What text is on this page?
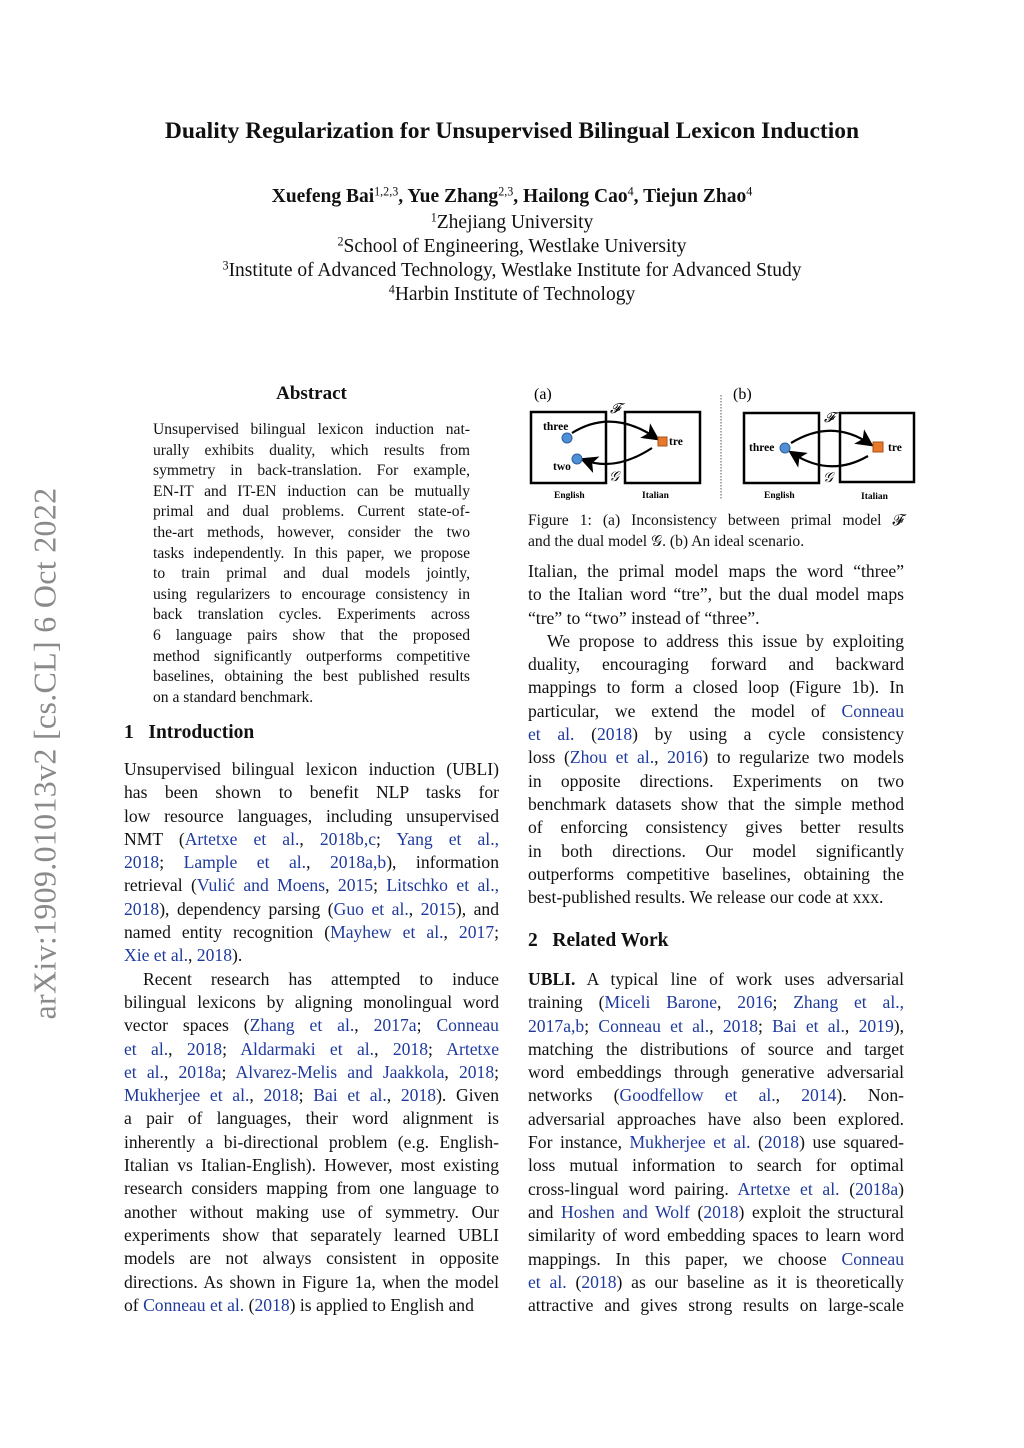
arXiv:1909.01013v2 [cs.CL] 6 Oct 2022
Duality Regularization for Unsupervised Bilingual Lexicon Induction
Xuefeng Bai$^{1,2,3}$, Yue Zhang$^{2,3}$, Hailong Cao$^4$, Tiejun Zhao$^4$
$^1$Zhejiang University
$^2$School of Engineering, Westlake University
$^3$Institute of Advanced Technology, Westlake Institute for Advanced Study
$^4$Harbin Institute of Technology
Abstract
Unsupervised bilingual lexicon induction nat-
urally exhibits duality, which results from
symmetry in back-translation. For example,
EN-IT and IT-EN induction can be mutually
primal and dual problems. Current state-of-
the-art methods, however, consider the two
tasks independently. In this paper, we propose
to train primal and dual models jointly,
using regularizers to encourage consistency in
back translation cycles. Experiments across
6 language pairs show that the proposed
method significantly outperforms competitive
baselines, obtaining the best published results
on a standard benchmark.
1 Introduction
Unsupervised bilingual lexicon induction (UBLI)
has been shown to benefit NLP tasks for
low resource languages, including unsupervised
NMT (Artetxe et al., 2018b,c; Yang et al.,
2018; Lample et al., 2018a,b), information
retrieval (Vulić and Moens, 2015; Litschko et al.,
2018), dependency parsing (Guo et al., 2015), and
named entity recognition (Mayhew et al., 2017;
Xie et al., 2018).
Recent research has attempted to induce
bilingual lexicons by aligning monolingual word
vector spaces (Zhang et al., 2017a; Conneau
et al., 2018; Aldarmaki et al., 2018; Artetxe
et al., 2018a; Alvarez-Melis and Jaakkola, 2018;
Mukherjee et al., 2018; Bai et al., 2018). Given
a pair of languages, their word alignment is
inherently a bi-directional problem (e.g. English-
Italian vs Italian-English). However, most existing
research considers mapping from one language to
another without making use of symmetry. Our
experiments show that separately learned UBLI
models are not always consistent in opposite
directions. As shown in Figure 1a, when the model
of Conneau et al. (2018) is applied to English and
(a)
three
two
tre
𝓕
𝒢
English	Italian
(b)
three	tre
𝓕
𝒢
English	Italian
Figure 1: (a) Inconsistency between primal model 𝓕
and the dual model 𝒢. (b) An ideal scenario.
Italian, the primal model maps the word “three”
to the Italian word “tre”, but the dual model maps
“tre” to “two” instead of “three”.
We propose to address this issue by exploiting
duality, encouraging forward and backward
mappings to form a closed loop (Figure 1b). In
particular, we extend the model of Conneau
et al. (2018) by using a cycle consistency
loss (Zhou et al., 2016) to regularize two models
in opposite directions. Experiments on two
benchmark datasets show that the simple method
of enforcing consistency gives better results
in both directions. Our model significantly
outperforms competitive baselines, obtaining the
best-published results. We release our code at xxx.
2 Related Work
UBLI. A typical line of work uses adversarial
training (Miceli Barone, 2016; Zhang et al.,
2017a,b; Conneau et al., 2018; Bai et al., 2019),
matching the distributions of source and target
word embeddings through generative adversarial
networks (Goodfellow et al., 2014). Non-
adversarial approaches have also been explored.
For instance, Mukherjee et al. (2018) use squared-
loss mutual information to search for optimal
cross-lingual word pairing. Artetxe et al. (2018a)
and Hoshen and Wolf (2018) exploit the structural
similarity of word embedding spaces to learn word
mappings. In this paper, we choose Conneau
et al. (2018) as our baseline as it is theoretically
attractive and gives strong results on large-scale
